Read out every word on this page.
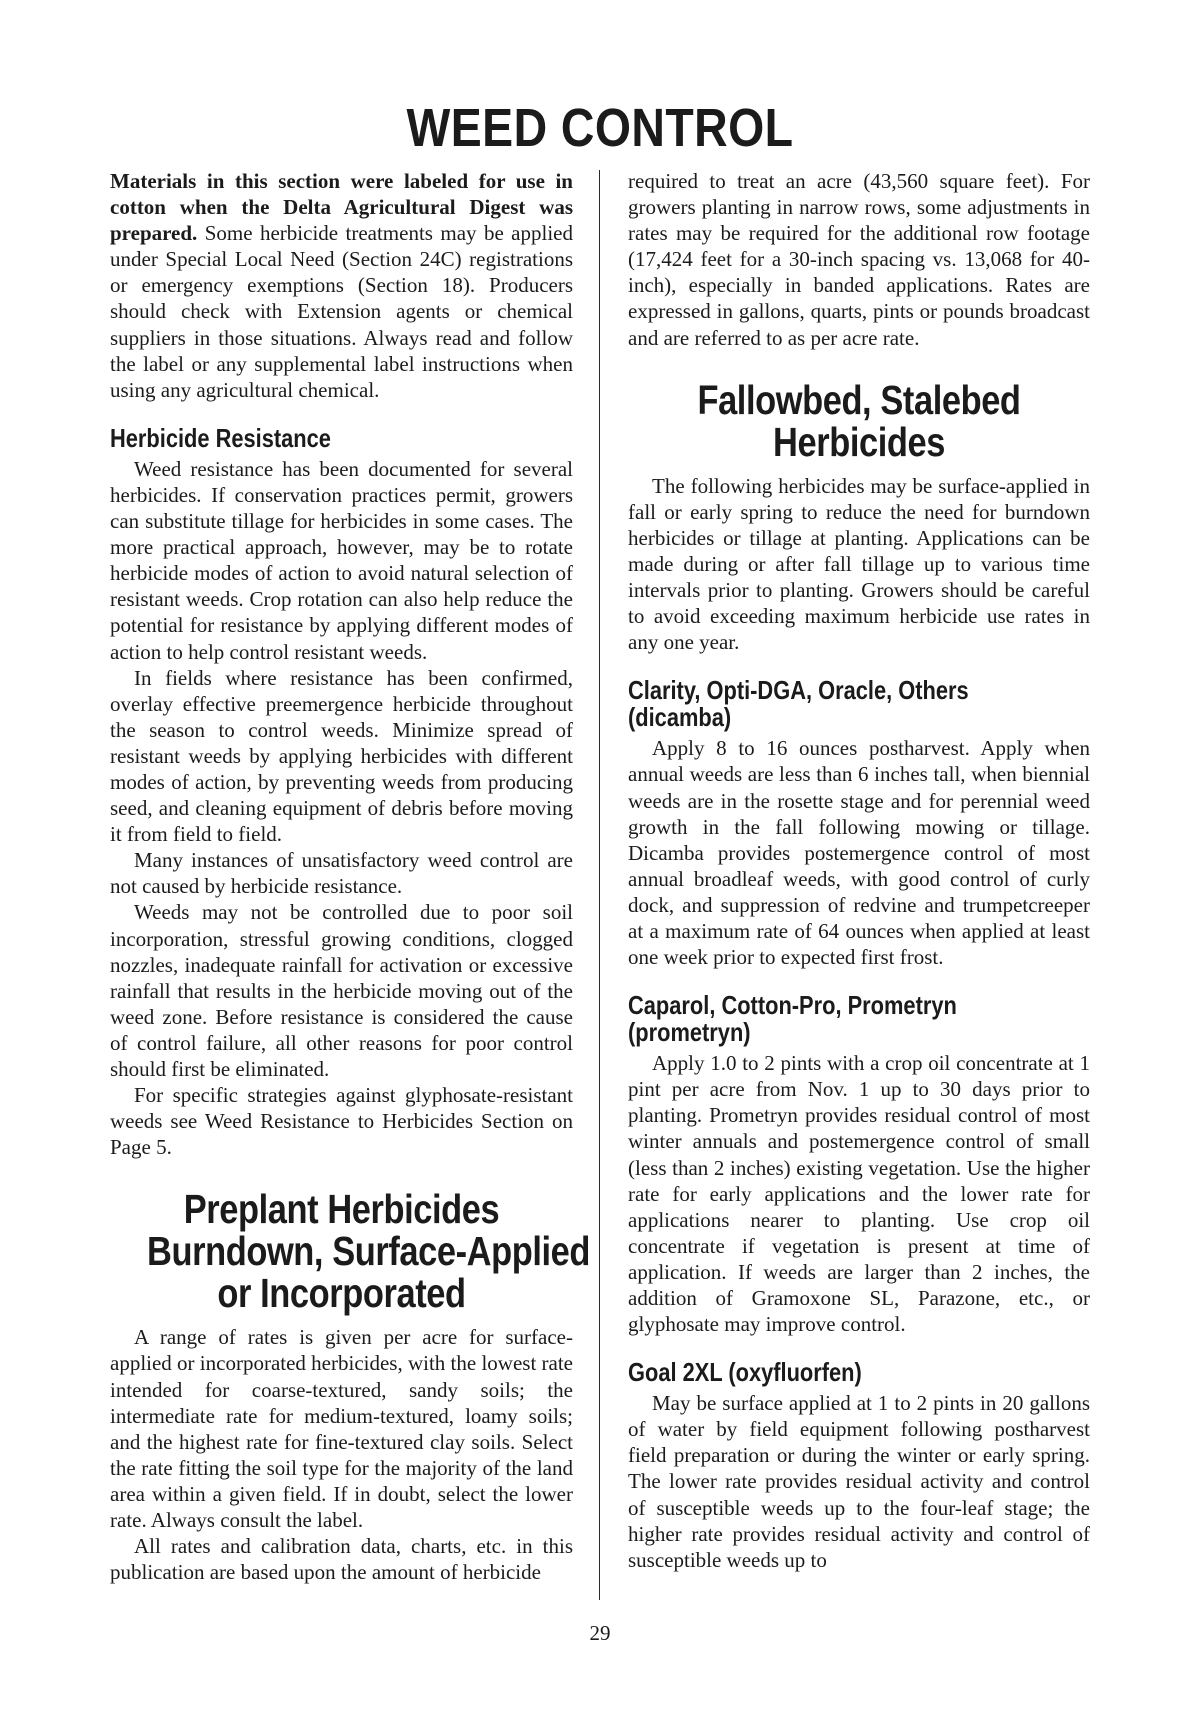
WEED CONTROL

Materials in this section were labeled for use in cotton when the Delta Agricultural Digest was prepared. Some herbicide treatments may be applied under Special Local Need (Section 24C) registrations or emergency exemptions (Section 18). Producers should check with Extension agents or chemical suppliers in those situations. Always read and follow the label or any supplemental label instructions when using any agricultural chemical.

Herbicide Resistance

Weed resistance has been documented for several herbicides. If conservation practices permit, growers can substitute tillage for herbicides in some cases. The more practical approach, however, may be to rotate herbicide modes of action to avoid natural selection of resistant weeds. Crop rotation can also help reduce the potential for resistance by applying different modes of action to help control resistant weeds.

In fields where resistance has been confirmed, overlay effective preemergence herbicide throughout the season to control weeds. Minimize spread of resistant weeds by applying herbicides with different modes of action, by preventing weeds from producing seed, and cleaning equipment of debris before moving it from field to field.

Many instances of unsatisfactory weed control are not caused by herbicide resistance.

Weeds may not be controlled due to poor soil incorporation, stressful growing conditions, clogged nozzles, inadequate rainfall for activation or excessive rainfall that results in the herbicide moving out of the weed zone. Before resistance is considered the cause of control failure, all other reasons for poor control should first be eliminated.

For specific strategies against glyphosate-resistant weeds see Weed Resistance to Herbicides Section on Page 5.

Preplant Herbicides
Burndown, Surface-Applied
or Incorporated

A range of rates is given per acre for surface-applied or incorporated herbicides, with the lowest rate intended for coarse-textured, sandy soils; the intermediate rate for medium-textured, loamy soils; and the highest rate for fine-textured clay soils. Select the rate fitting the soil type for the majority of the land area within a given field. If in doubt, select the lower rate. Always consult the label.

All rates and calibration data, charts, etc. in this publication are based upon the amount of herbicide

required to treat an acre (43,560 square feet). For growers planting in narrow rows, some adjustments in rates may be required for the additional row footage (17,424 feet for a 30-inch spacing vs. 13,068 for 40-inch), especially in banded applications. Rates are expressed in gallons, quarts, pints or pounds broadcast and are referred to as per acre rate.

Fallowbed, Stalebed
Herbicides

The following herbicides may be surface-applied in fall or early spring to reduce the need for burndown herbicides or tillage at planting. Applications can be made during or after fall tillage up to various time intervals prior to planting. Growers should be careful to avoid exceeding maximum herbicide use rates in any one year.

Clarity, Opti-DGA, Oracle, Others
(dicamba)

Apply 8 to 16 ounces postharvest. Apply when annual weeds are less than 6 inches tall, when biennial weeds are in the rosette stage and for perennial weed growth in the fall following mowing or tillage. Dicamba provides postemergence control of most annual broadleaf weeds, with good control of curly dock, and suppression of redvine and trumpetcreeper at a maximum rate of 64 ounces when applied at least one week prior to expected first frost.

Caparol, Cotton-Pro, Prometryn
(prometryn)

Apply 1.0 to 2 pints with a crop oil concentrate at 1 pint per acre from Nov. 1 up to 30 days prior to planting. Prometryn provides residual control of most winter annuals and postemergence control of small (less than 2 inches) existing vegetation. Use the higher rate for early applications and the lower rate for applications nearer to planting. Use crop oil concentrate if vegetation is present at time of application. If weeds are larger than 2 inches, the addition of Gramoxone SL, Parazone, etc., or glyphosate may improve control.

Goal 2XL (oxyfluorfen)

May be surface applied at 1 to 2 pints in 20 gallons of water by field equipment following postharvest field preparation or during the winter or early spring. The lower rate provides residual activity and control of susceptible weeds up to the four-leaf stage; the higher rate provides residual activity and control of susceptible weeds up to

29
